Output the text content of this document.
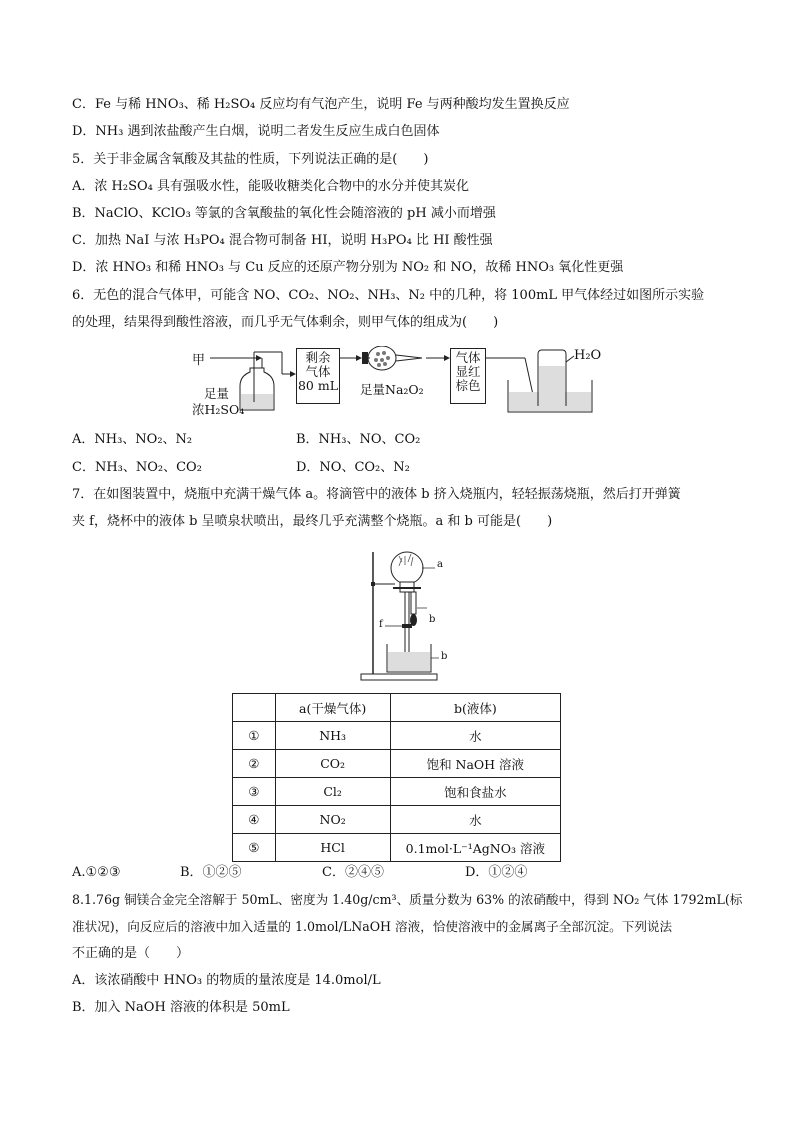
C．Fe 与稀 HNO₃、稀 H₂SO₄ 反应均有气泡产生，说明 Fe 与两种酸均发生置换反应
D．NH₃ 遇到浓盐酸产生白烟，说明二者发生反应生成白色固体
5．关于非金属含氧酸及其盐的性质，下列说法正确的是(　　)
A．浓 H₂SO₄ 具有强吸水性，能吸收糖类化合物中的水分并使其炭化
B．NaClO、KClO₃ 等氯的含氧酸盐的氧化性会随溶液的 pH 减小而增强
C．加热 NaI 与浓 H₃PO₄ 混合物可制备 HI，说明 H₃PO₄ 比 HI 酸性强
D．浓 HNO₃ 和稀 HNO₃ 与 Cu 反应的还原产物分别为 NO₂ 和 NO，故稀 HNO₃ 氧化性更强
6．无色的混合气体甲，可能含 NO、CO₂、NO₂、NH₃、N₂ 中的几种，将 100mL 甲气体经过如图所示实验
的处理，结果得到酸性溶液，而几乎无气体剩余，则甲气体的组成为(　　)
甲
足量
浓H₂SO₄
剩余
气体
80 mL 足量Na₂O₂
气体
显红
棕色
H₂O
A．NH₃、NO₂、N₂	B．NH₃、NO、CO₂
C．NH₃、NO₂、CO₂	D．NO、CO₂、N₂
7．在如图装置中，烧瓶中充满干燥气体 a。将滴管中的液体 b 挤入烧瓶内，轻轻振荡烧瓶，然后打开弹簧
夹 f，烧杯中的液体 b 呈喷泉状喷出，最终几乎充满整个烧瓶。a 和 b 可能是(　　)
a
b
f
b
	a(干燥气体)	b(液体)
①	NH₃	水
②	CO₂	饱和 NaOH 溶液
③	Cl₂	饱和食盐水
④	NO₂	水
⑤	HCl	0.1mol·L⁻¹AgNO₃ 溶液
A.①②③	B．①②⑤	C．②④⑤	D．①②④
8.1.76g 铜镁合金完全溶解于 50mL、密度为 1.40g/cm³、质量分数为 63% 的浓硝酸中，得到 NO₂ 气体 1792mL(标
准状况)，向反应后的溶液中加入适量的 1.0mol/LNaOH 溶液，恰使溶液中的金属离子全部沉淀。下列说法
不正确的是（　　）
A．该浓硝酸中 HNO₃ 的物质的量浓度是 14.0mol/L
B．加入 NaOH 溶液的体积是 50mL
